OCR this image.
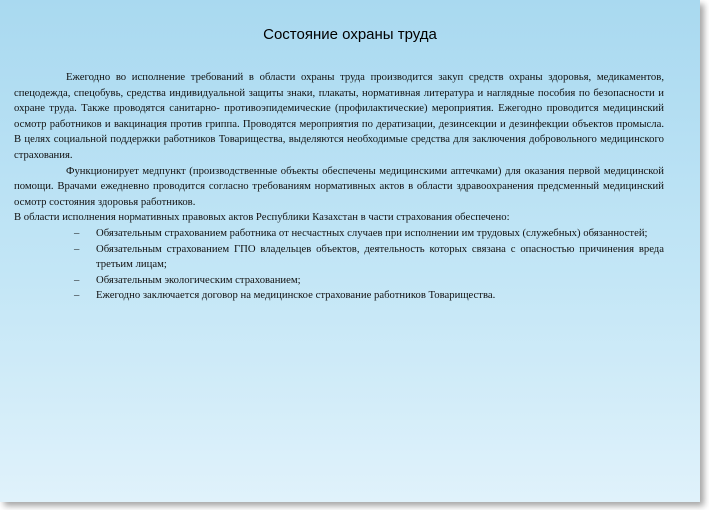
Состояние охраны труда

Ежегодно во исполнение требований в области охраны труда производится закуп средств охраны здоровья, медикаментов, спецодежда, спецобувь, средства индивидуальной защиты знаки, плакаты, нормативная литература и наглядные пособия по безопасности и охране труда. Также проводятся санитарно- противоэпидемические (профилактические) мероприятия. Ежегодно проводится медицинский осмотр работников и вакцинация против гриппа. Проводятся мероприятия по дератизации, дезинсекции и дезинфекции объектов промысла. В целях социальной поддержки работников Товарищества, выделяются необходимые средства для заключения добровольного медицинского страхования.

Функционирует медпункт (производственные объекты обеспечены медицинскими аптечками) для оказания первой медицинской помощи. Врачами ежедневно проводится согласно требованиям нормативных актов в области здравоохранения предсменный медицинский осмотр состояния здоровья работников.

В области исполнения нормативных правовых актов Республики Казахстан в части страхования обеспечено:

– Обязательным страхованием работника от несчастных случаев при исполнении им трудовых (служебных) обязанностей;
– Обязательным страхованием ГПО владельцев объектов, деятельность которых связана с опасностью причинения вреда третьим лицам;
– Обязательным экологическим страхованием;
– Ежегодно заключается договор на медицинское страхование работников Товарищества.
